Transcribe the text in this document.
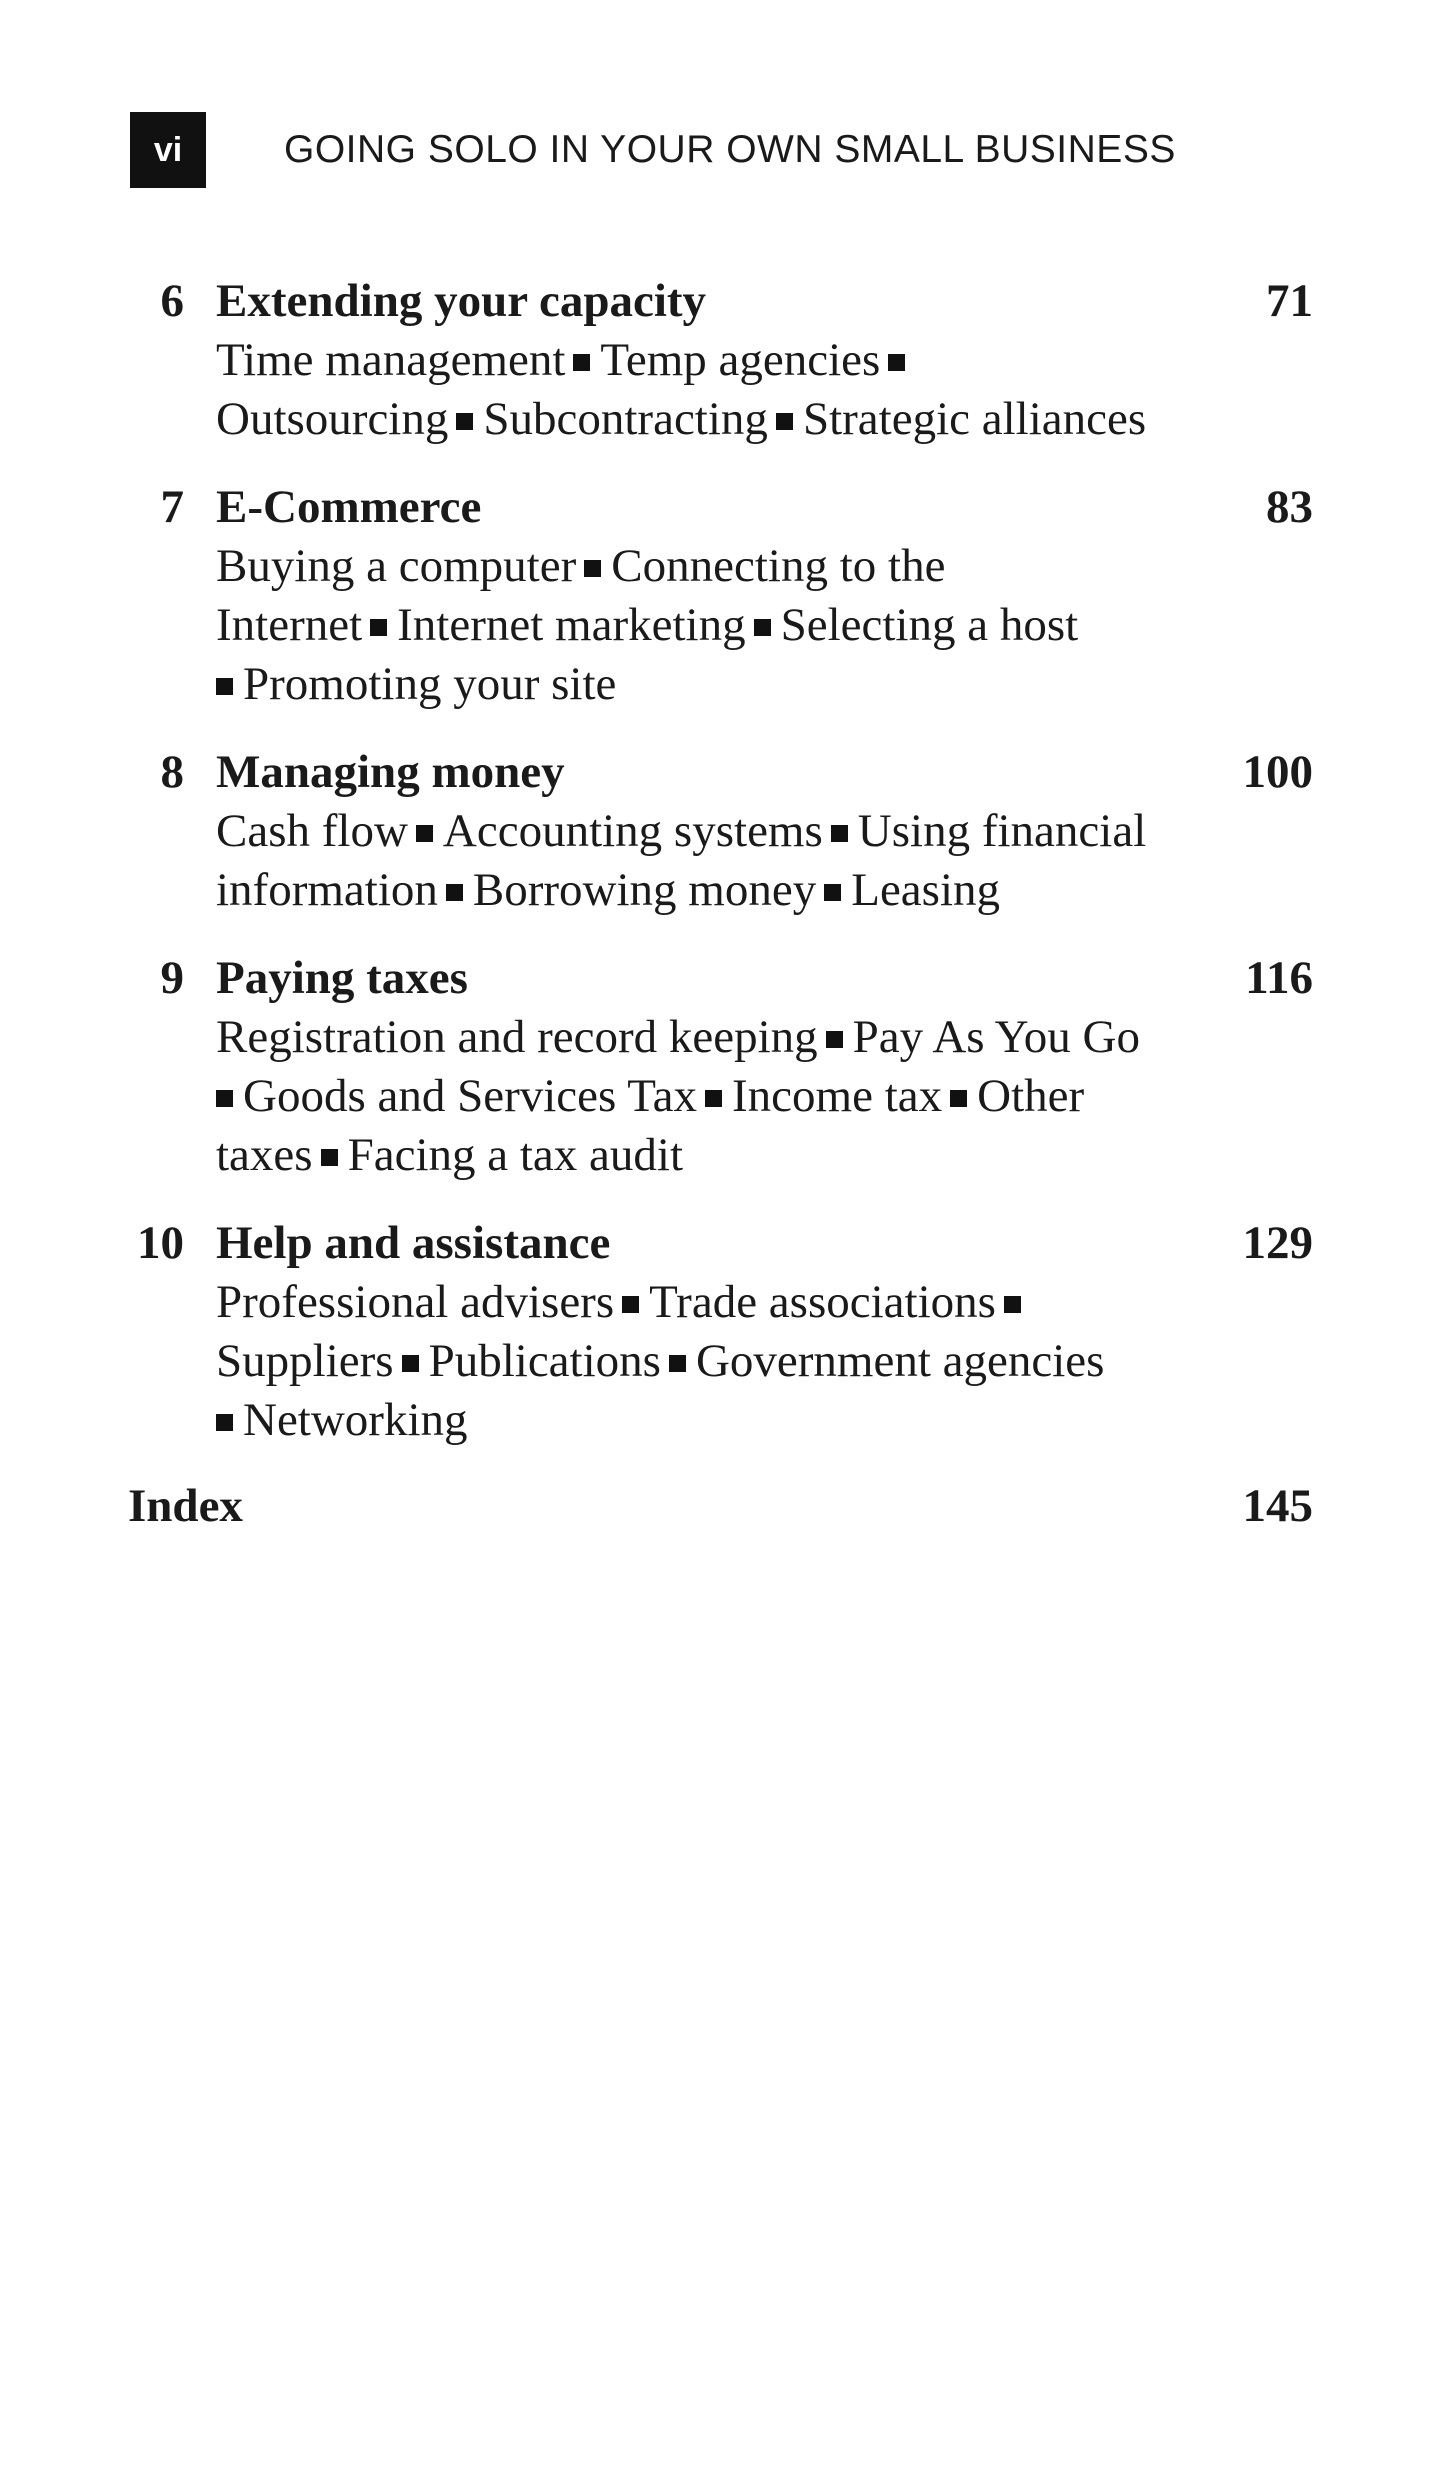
vi	GOING SOLO IN YOUR OWN SMALL BUSINESS
6 Extending your capacity	71
Time management Temp agencies
Outsourcing Subcontracting Strategic alliances
7 E-Commerce	83
Buying a computer Connecting to the
Internet Internet marketing Selecting a host
Promoting your site
8 Managing money	100
Cash flow Accounting systems Using financial
information Borrowing money Leasing
9 Paying taxes	116
Registration and record keeping Pay As You Go
Goods and Services Tax Income tax Other
taxes Facing a tax audit
10 Help and assistance	129
Professional advisers Trade associations
Suppliers Publications Government agencies
Networking
Index	145
